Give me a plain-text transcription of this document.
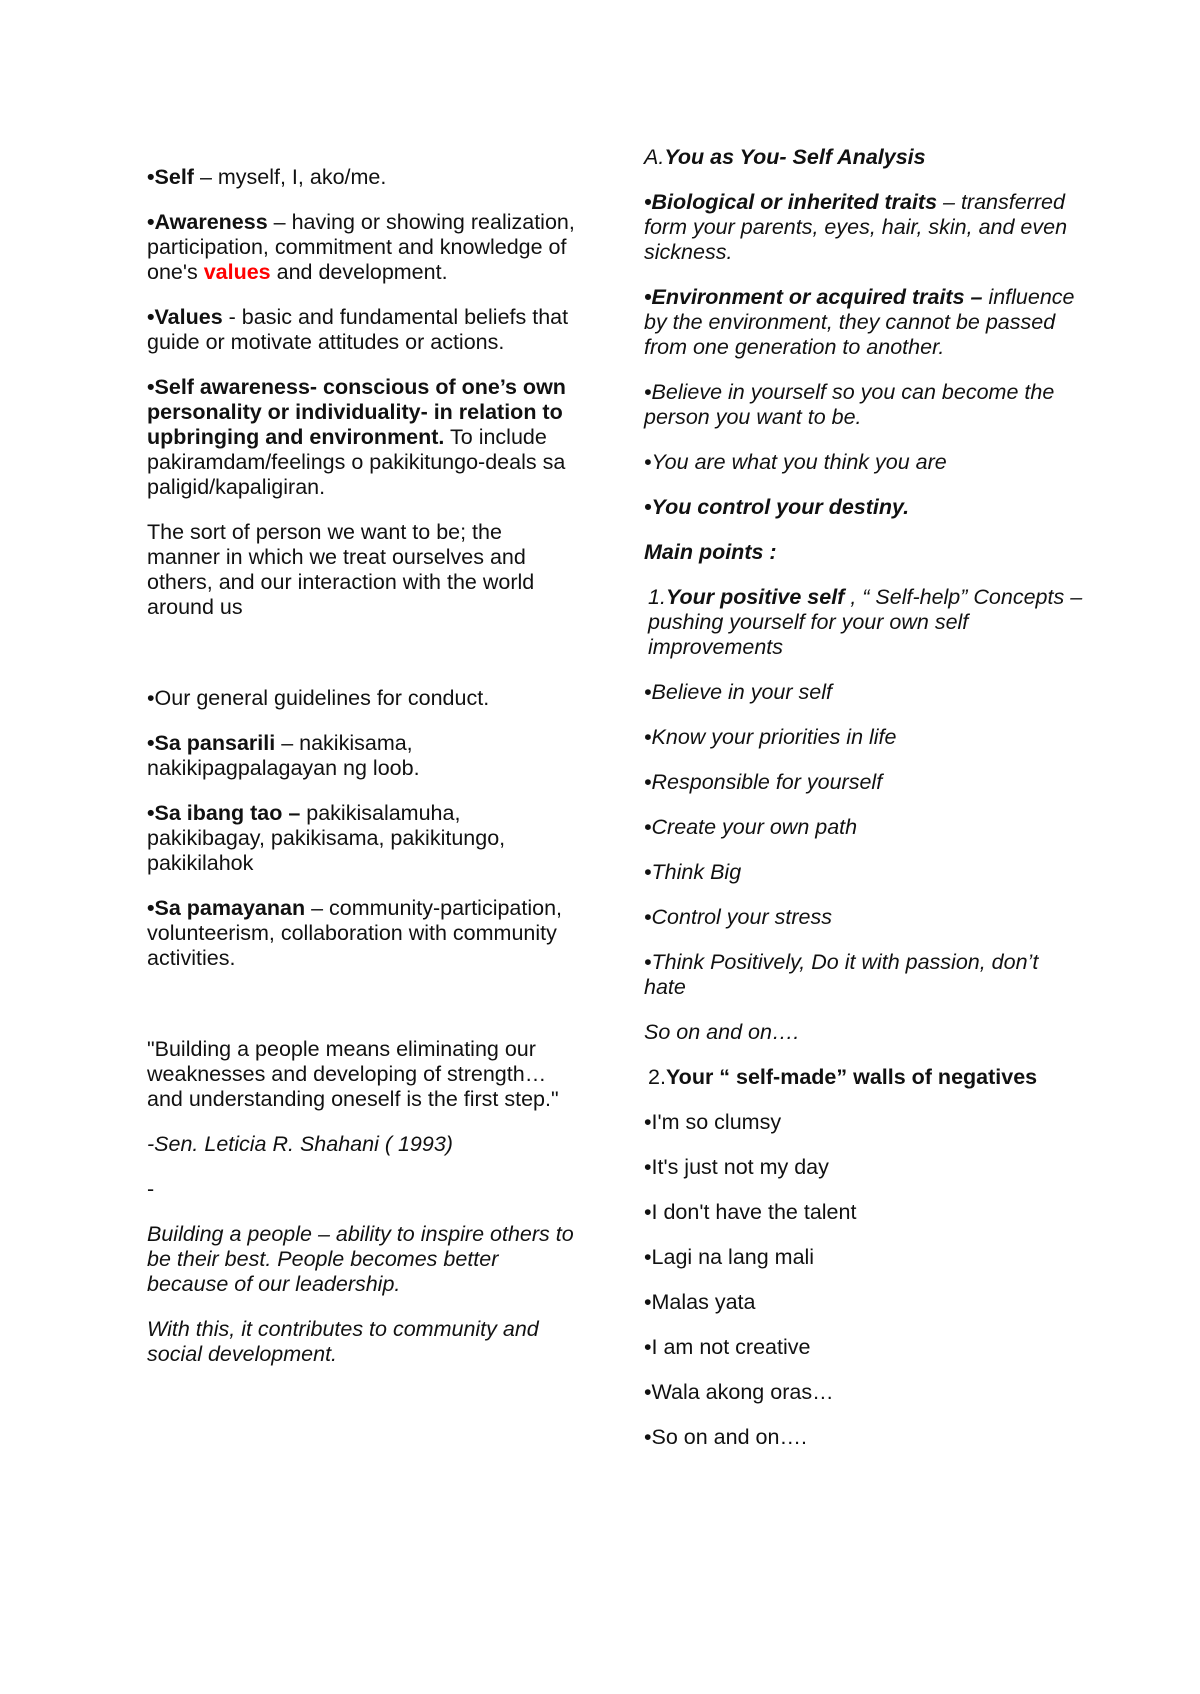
•Self – myself, I, ako/me.

•Awareness – having or showing realization, participation, commitment and knowledge of one's values and development.

•Values - basic and fundamental beliefs that guide or motivate attitudes or actions.

•Self awareness- conscious of one’s own personality or individuality- in relation to upbringing and environment. To include pakiramdam/feelings o pakikitungo-deals sa paligid/kapaligiran.

The sort of person we want to be; the manner in which we treat ourselves and others, and our interaction with the world around us

•Our general guidelines for conduct.

•Sa pansarili – nakikisama, nakikipagpalagayan ng loob.

•Sa ibang tao – pakikisalamuha, pakikibagay, pakikisama, pakikitungo, pakikilahok

•Sa pamayanan – community-participation, volunteerism, collaboration with community activities.

"Building a people means eliminating our weaknesses and developing of strength… and understanding oneself is the first step."

-Sen. Leticia R. Shahani ( 1993)

-

Building a people – ability to inspire others to be their best. People becomes better because of our leadership.

With this, it contributes to community and social development.

A.You as You- Self Analysis

•Biological or inherited traits – transferred form your parents, eyes, hair, skin, and even sickness.

•Environment or acquired traits – influence by the environment, they cannot be passed from one generation to another.

•Believe in yourself so you can become the person you want to be.

•You are what you think you are

•You control your destiny.

Main points :

1.Your positive self , “ Self-help” Concepts – pushing yourself for your own self improvements

•Believe in your self

•Know your priorities in life

•Responsible for yourself

•Create your own path

•Think Big

•Control your stress

•Think Positively, Do it with passion, don’t hate

So on and on….

2.Your “ self-made” walls of negatives

•I'm so clumsy

•It's just not my day

•I don't have the talent

•Lagi na lang mali

•Malas yata

•I am not creative

•Wala akong oras…

•So on and on….
